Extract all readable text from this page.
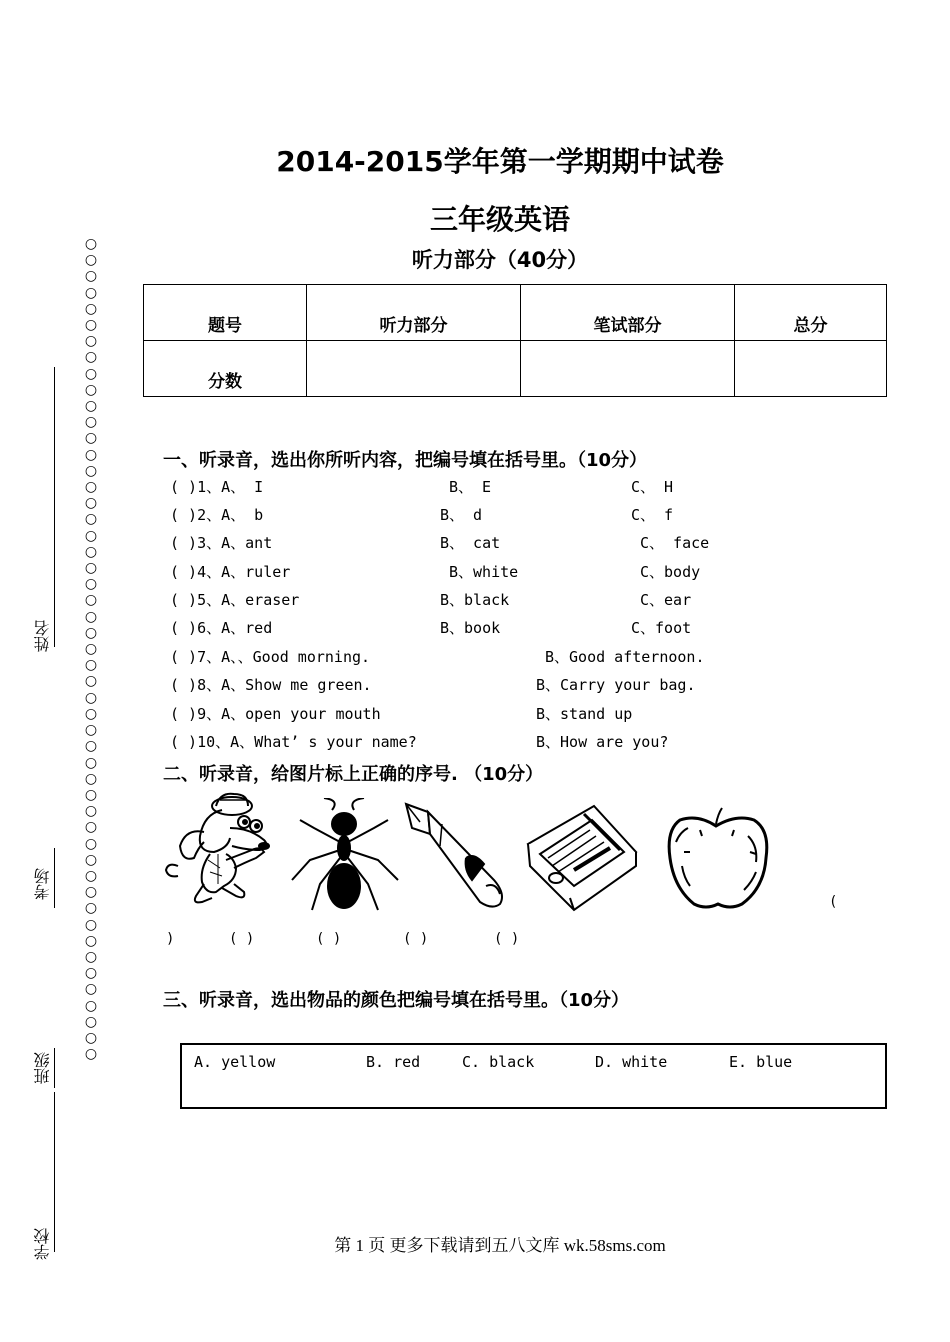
○
○
○
○
○
○
○
○
○
○
○
○
○
○
○
○
○
○
○
○
○
○
○
○
○
○
○
○
○
○
○
○
○
○
○
○
○
○
○
○
○
○
○
○
○
○
○
○
○
○
○
姓名
考场
班级
学校
2014-2015学年第一学期期中试卷
三年级英语
听力部分（40分）
题号	听力部分	笔试部分	总分
分数			
一、听录音，选出你所听内容，把编号填在括号里。（10分）
( )1、A、 I	B、 E	C、 H
( )2、A、 b	B、 d	C、 f
( )3、A、ant	B、 cat	C、 face
( )4、A、ruler	B、white	C、body
( )5、A、eraser	B、black	C、ear
( )6、A、red	B、book	C、foot
( )7、A、、Good morning.	B、Good afternoon.
( )8、A、Show me green.	B、Carry your bag.
( )9、A、open your mouth	B、stand up
( )10、A、What’ s your name?	B、How are you?
二、听录音，给图片标上正确的序号. （10分）
(
)	( )	( )	( )	( )
三、听录音，选出物品的颜色把编号填在括号里。（10分）
A. yellow	B. red	C. black	D. white	E. blue
第 1 页 更多下载请到五八文库 wk.58sms.com
